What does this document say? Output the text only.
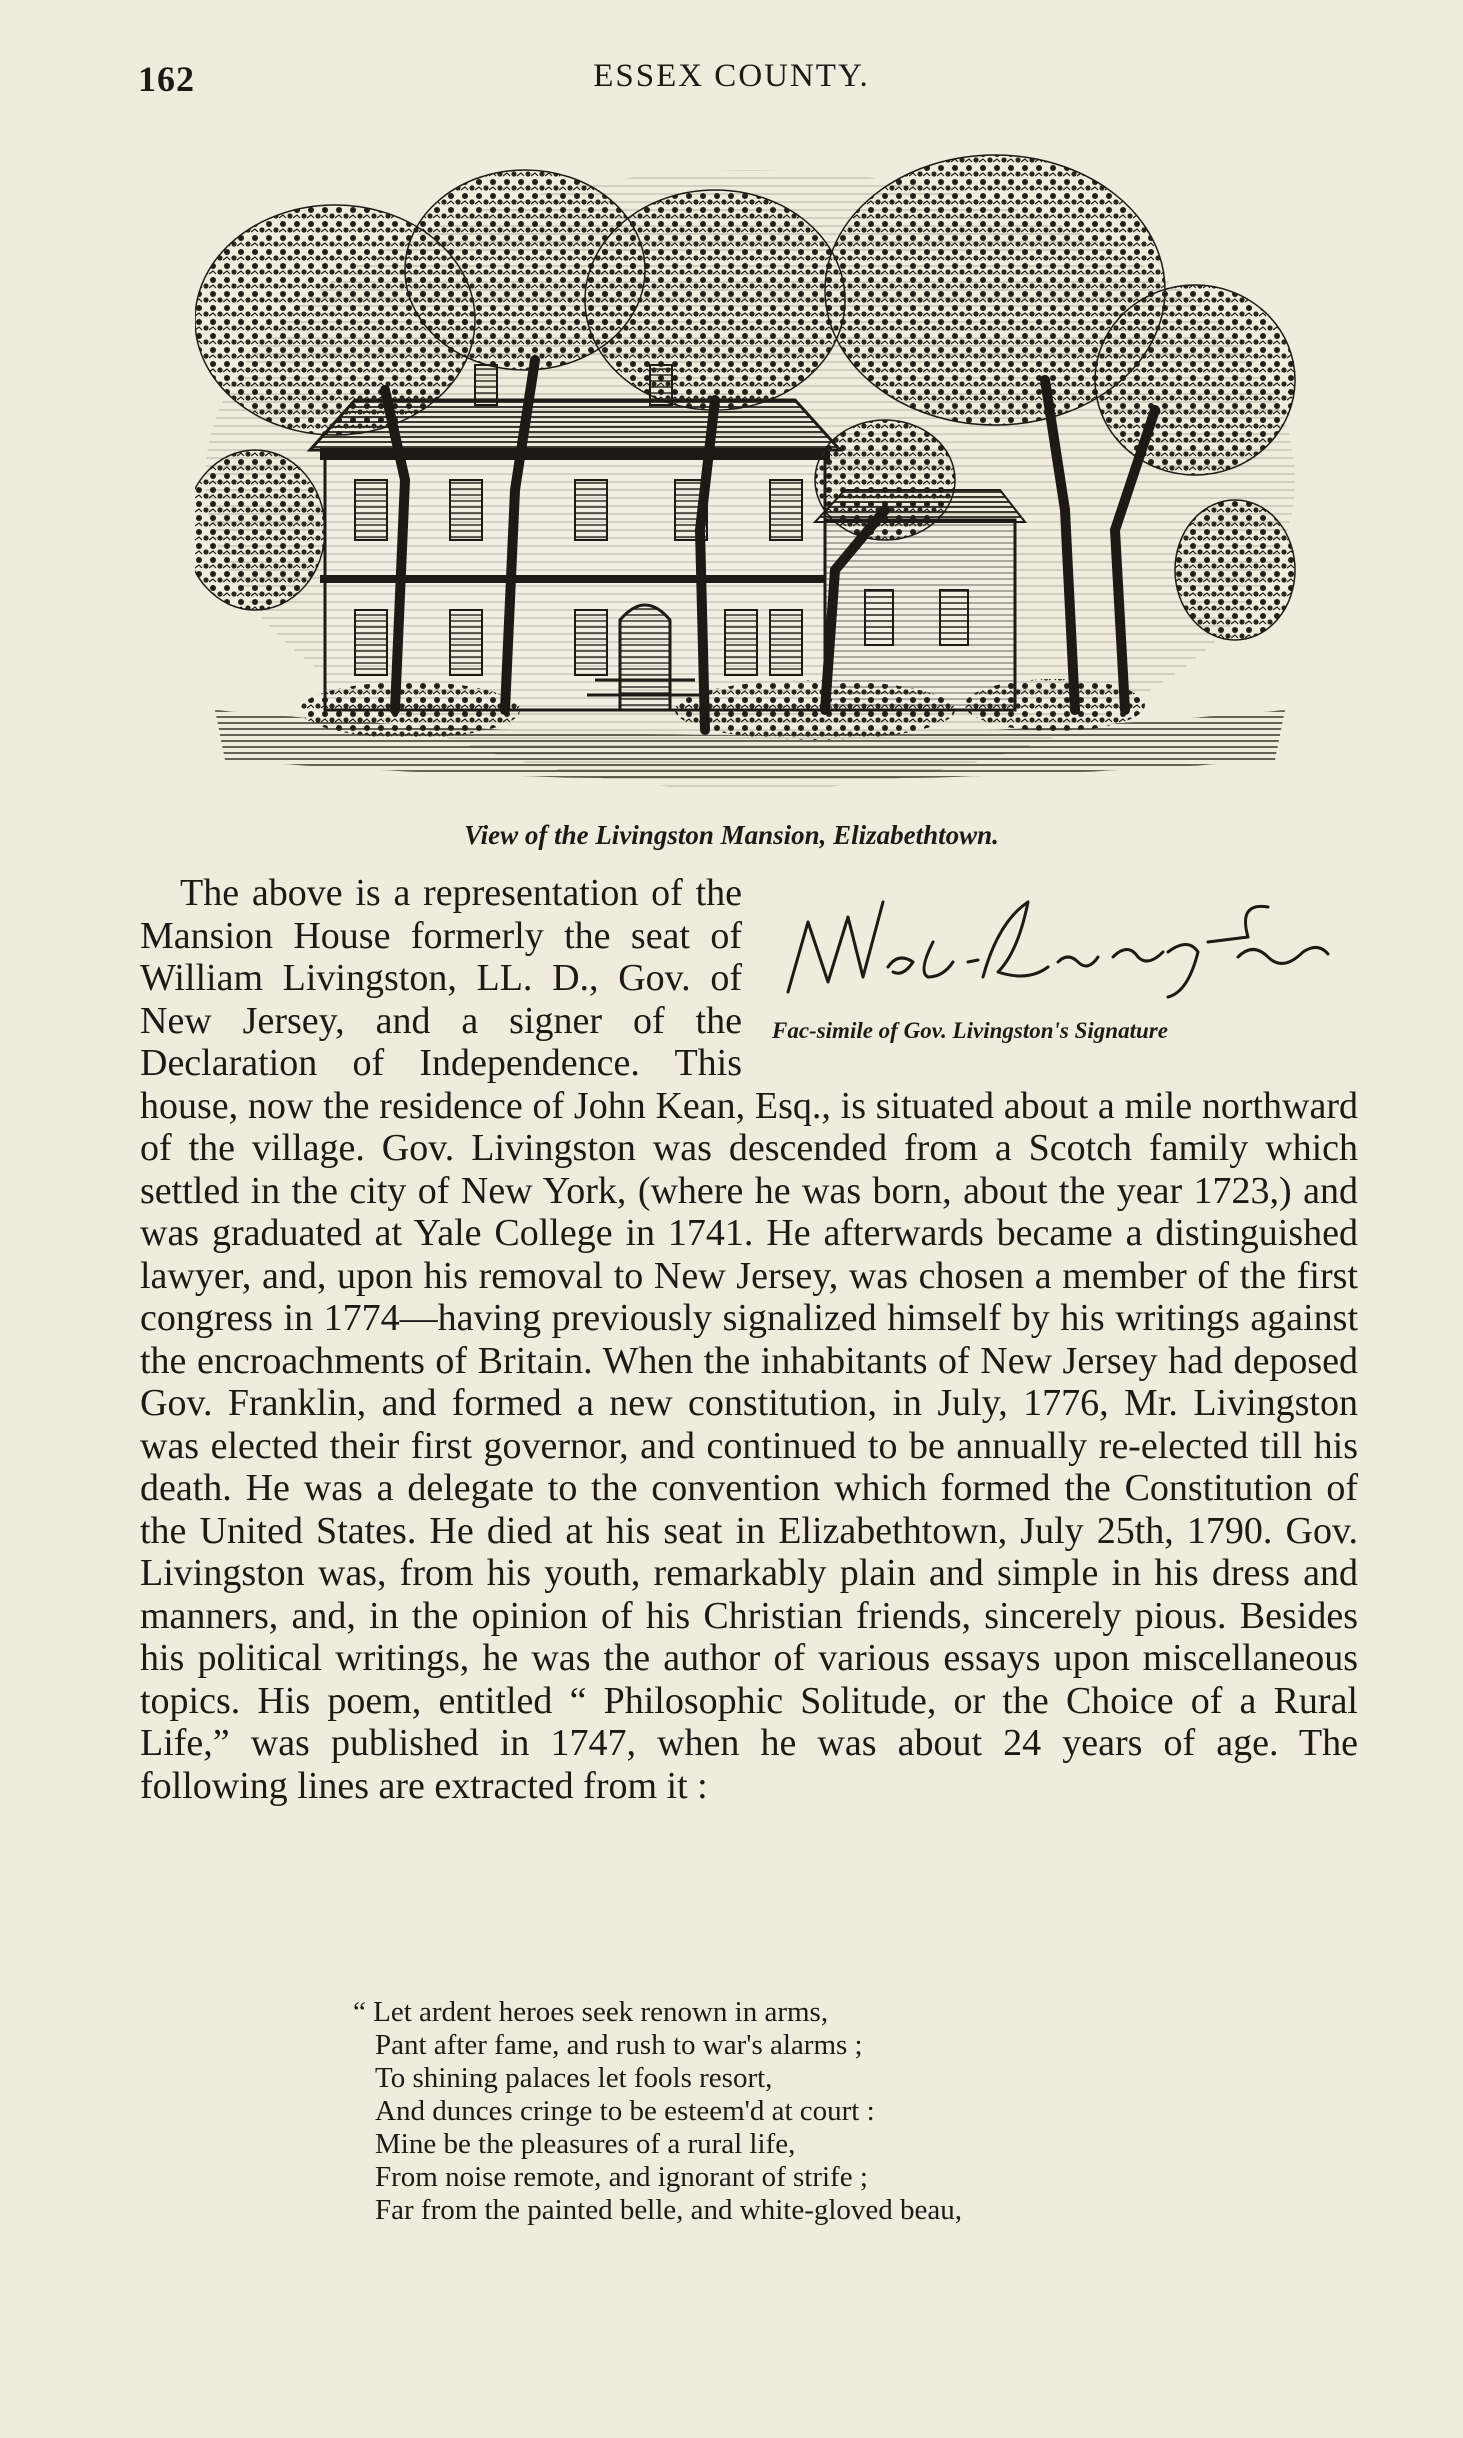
162	ESSEX COUNTY.
View of the Livingston Mansion, Elizabethtown.
Fac-simile of Gov. Livingston's Signature

The above is a representation of the Mansion House formerly the seat of William Livingston, LL. D., Gov. of New Jersey, and a signer of the Declaration of Independence. This house, now the residence of John Kean, Esq., is situated about a mile northward of the village. Gov. Livingston was descended from a Scotch family which settled in the city of New York, (where he was born, about the year 1723,) and was graduated at Yale College in 1741. He afterwards became a distinguished lawyer, and, upon his removal to New Jersey, was chosen a member of the first congress in 1774—having previously signalized himself by his writings against the encroachments of Britain. When the inhabitants of New Jersey had deposed Gov. Franklin, and formed a new constitution, in July, 1776, Mr. Livingston was elected their first governor, and continued to be annually re-elected till his death. He was a delegate to the convention which formed the Constitution of the United States. He died at his seat in Elizabethtown, July 25th, 1790. Gov. Livingston was, from his youth, remarkably plain and simple in his dress and manners, and, in the opinion of his Christian friends, sincerely pious. Besides his political writings, he was the author of various essays upon miscellaneous topics. His poem, entitled “ Philosophic Solitude, or the Choice of a Rural Life,” was published in 1747, when he was about 24 years of age. The following lines are extracted from it :

“ Let ardent heroes seek renown in arms,
Pant after fame, and rush to war's alarms ;
To shining palaces let fools resort,
And dunces cringe to be esteem'd at court :
Mine be the pleasures of a rural life,
From noise remote, and ignorant of strife ;
Far from the painted belle, and white-gloved beau,
